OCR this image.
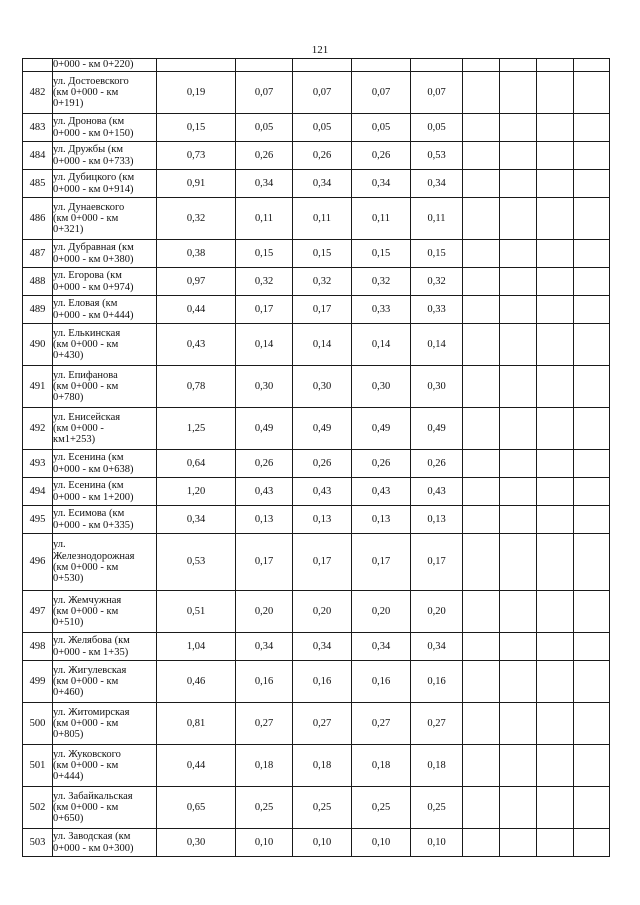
121
	0+000 - км 0+220)									
482	ул. Достоевского
(км 0+000 - км
0+191)	0,19	0,07	0,07	0,07	0,07				
483	ул. Дронова (км
0+000 - км 0+150)	0,15	0,05	0,05	0,05	0,05				
484	ул. Дружбы (км
0+000 - км 0+733)	0,73	0,26	0,26	0,26	0,53				
485	ул. Дубицкого (км
0+000 - км 0+914)	0,91	0,34	0,34	0,34	0,34				
486	ул. Дунаевского
(км 0+000 - км
0+321)	0,32	0,11	0,11	0,11	0,11				
487	ул. Дубравная (км
0+000 - км 0+380)	0,38	0,15	0,15	0,15	0,15				
488	ул. Егорова (км
0+000 - км 0+974)	0,97	0,32	0,32	0,32	0,32				
489	ул. Еловая (км
0+000 - км 0+444)	0,44	0,17	0,17	0,33	0,33				
490	ул. Елькинская
(км 0+000 - км
0+430)	0,43	0,14	0,14	0,14	0,14				
491	ул. Епифанова
(км 0+000 - км
0+780)	0,78	0,30	0,30	0,30	0,30				
492	ул. Енисейская
(км 0+000 -
км1+253)	1,25	0,49	0,49	0,49	0,49				
493	ул. Есенина (км
0+000 - км 0+638)	0,64	0,26	0,26	0,26	0,26				
494	ул. Есенина (км
0+000 - км 1+200)	1,20	0,43	0,43	0,43	0,43				
495	ул. Есимова (км
0+000 - км 0+335)	0,34	0,13	0,13	0,13	0,13				
496	ул.
Железнодорожная
(км 0+000 - км
0+530)	0,53	0,17	0,17	0,17	0,17				
497	ул. Жемчужная
(км 0+000 - км
0+510)	0,51	0,20	0,20	0,20	0,20				
498	ул. Желябова (км
0+000 - км 1+35)	1,04	0,34	0,34	0,34	0,34				
499	ул. Жигулевская
(км 0+000 - км
0+460)	0,46	0,16	0,16	0,16	0,16				
500	ул. Житомирская
(км 0+000 - км
0+805)	0,81	0,27	0,27	0,27	0,27				
501	ул. Жуковского
(км 0+000 - км
0+444)	0,44	0,18	0,18	0,18	0,18				
502	ул. Забайкальская
(км 0+000 - км
0+650)	0,65	0,25	0,25	0,25	0,25				
503	ул. Заводская (км
0+000 - км 0+300)	0,30	0,10	0,10	0,10	0,10				
